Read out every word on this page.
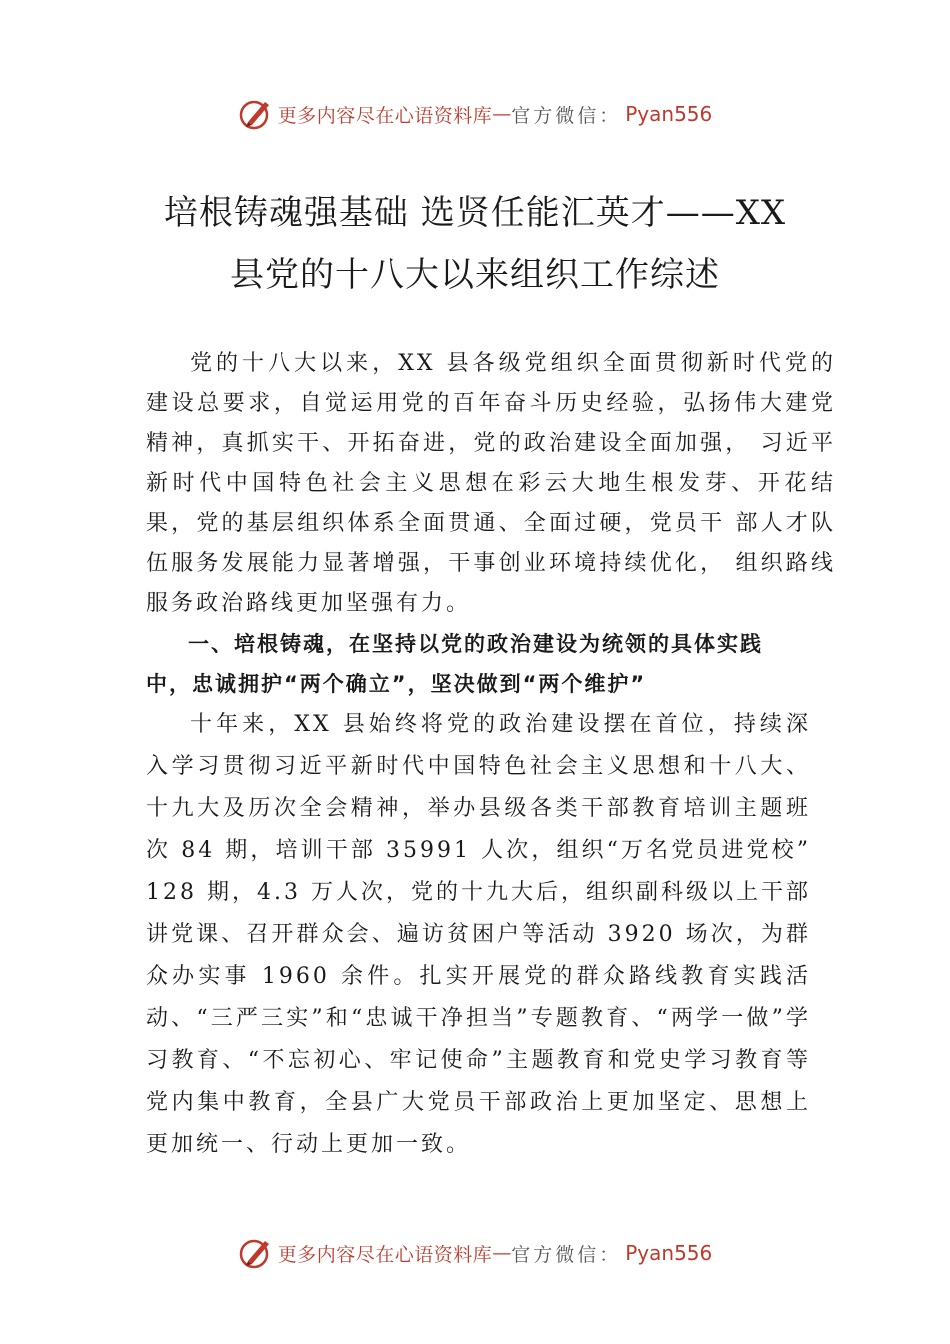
更多内容尽在心语资料库 — 官方微信： Pyan556
培根铸魂强基础 选贤任能汇英才——XX
县党的十八大以来组织工作综述

党的十八大以来，XX 县各级党组织全面贯彻新时代党的建设总要求，自觉运用党的百年奋斗历史经验，弘扬伟大建党精神，真抓实干、开拓奋进，党的政治建设全面加强， 习近平新时代中国特色社会主义思想在彩云大地生根发芽、开花结果，党的基层组织体系全面贯通、全面过硬，党员干 部人才队伍服务发展能力显著增强，干事创业环境持续优化， 组织路线服务政治路线更加坚强有力。

一、培根铸魂，在坚持以党的政治建设为统领的具体实践中，忠诚拥护“两个确立”，坚决做到“两个维护”

十年来，XX 县始终将党的政治建设摆在首位，持续深入学习贯彻习近平新时代中国特色社会主义思想和十八大、 十九大及历次全会精神，举办县级各类干部教育培训主题班次 84 期，培训干部 35991 人次，组织“万名党员进党校” 128 期，4.3 万人次，党的十九大后，组织副科级以上干部讲党课、召开群众会、遍访贫困户等活动 3920 场次，为群众办实事 1960 余件。扎实开展党的群众路线教育实践活动、“三严三实”和“忠诚干净担当”专题教育、“两学一做”学习教育、“不忘初心、牢记使命”主题教育和党史学习教育等党内集中教育，全县广大党员干部政治上更加坚定、思想上更加统一、行动上更加一致。

更多内容尽在心语资料库 — 官方微信： Pyan556
